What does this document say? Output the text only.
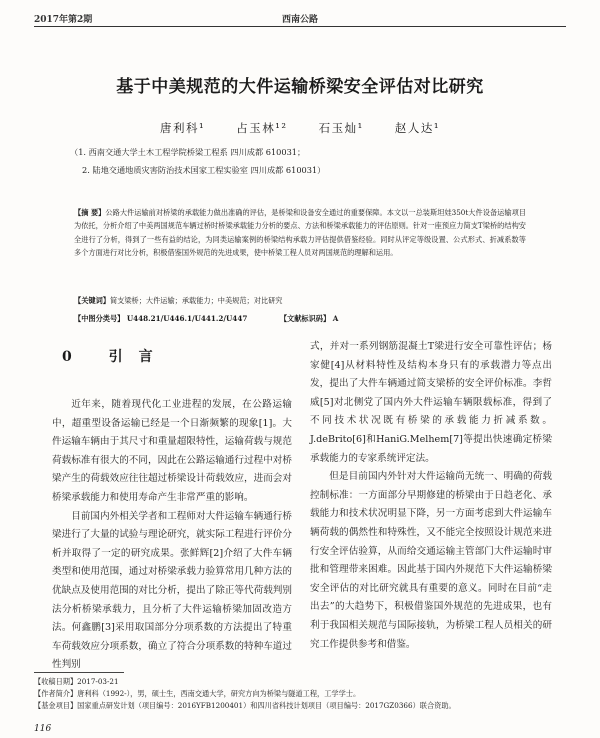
2017年第2期	西南公路
基于中美规范的大件运输桥梁安全评估对比研究
唐利科¹ 占玉林¹² 石玉灿¹ 赵人达¹
（1. 西南交通大学土木工程学院桥梁工程系 四川成都 610031；
2. 陆地交通地质灾害防治技术国家工程实验室 四川成都 610031）
【摘 要】公路大件运输前对桥梁的承载能力做出准确的评估，是桥梁和设备安全通过的重要保障。本文以一总装斯坦娃350t大件设备运输项目为依托，分析介绍了中美两国规范车辆过桥时桥梁承载能力分析的要点、方法和桥梁承载能力的评估原则。针对一座预应力简支T梁桥的结构安全进行了分析，得到了一些有益的结论，为同类运输案例的桥梁结构承载力评估提供借鉴经验。同时从评定等级设置、公式形式、折减系数等多个方面进行对比分析，积极借鉴国外规范的先进成果，使中桥梁工程人员对两国规范的理解和运用。
【关键词】简支梁桥；大件运输；承载能力；中美规范；对比研究
【中图分类号】 U448.21/U446.1/U441.2/U447	【文献标识码】 A
0 引言

近年来，随着现代化工业进程的发展，在公路运输中，超重型设备运输已经是一个日渐频繁的现象[1]。大件运输车辆由于其尺寸和重量超限特性，运输荷载与规范荷载标准有很大的不同，因此在公路运输通行过程中对桥梁产生的荷载效应往往超过桥梁设计荷载效应，进而会对桥梁承载能力和使用寿命产生非常严重的影响。

目前国内外相关学者和工程师对大件运输车辆通行桥梁进行了大量的试验与理论研究，就实际工程进行评价分析并取得了一定的研究成果。张鲜辉[2]介绍了大件车辆类型和使用范围，通过对桥梁承载力验算常用几种方法的优缺点及使用范围的对比分析，提出了除正等代荷载判别法分析桥梁承载力，且分析了大件运输桥梁加固改造方法。何鑫鹏[3]采用取国部分分项系数的方法提出了特重车荷载效应分项系数，确立了符合分项系数的特种车道过性判别

式，并对一系列钢筋混凝土T梁进行安全可靠性评估；杨家健[4]从材料特性及结构本身只有的承载潜力等点出发，提出了大件车辆通过简支梁桥的安全评价标准。李哲威[5]对北侧党了国内外大件运输车辆限载标准，得到了不同技术状况既有桥梁的承载能力折减系数。J.deBrito[6]和HaniG.Melhem[7]等提出快速确定桥梁承载能力的专家系统评定法。

但是目前国内外针对大件运输尚无统一、明确的荷载控制标准：一方面部分早期修建的桥梁由于日趋老化、承载能力和技术状况明显下降，另一方面考虑到大件运输车辆荷载的偶然性和特殊性，又不能完全按照设计规范来进行安全评估验算，从而给交通运输主管部门大件运输时审批和管理带来困难。因此基于国内外规范下大件运输桥梁安全评估的对比研究就具有重要的意义。同时在目前“走出去”的大趋势下，积极借鉴国外规范的先进成果，也有利于我国相关规范与国际接轨，为桥梁工程人员相关的研究工作提供参考和借鉴。

【收稿日期】2017-03-21
【作者简介】唐利科（1992-），男，硕士生，西南交通大学，研究方向为桥梁与隧道工程，工学学士。
【基金项目】国家重点研发计划（项目编号：2016YFB1200401）和四川省科技计划项目（项目编号：2017GZ0366）联合资助。
116
